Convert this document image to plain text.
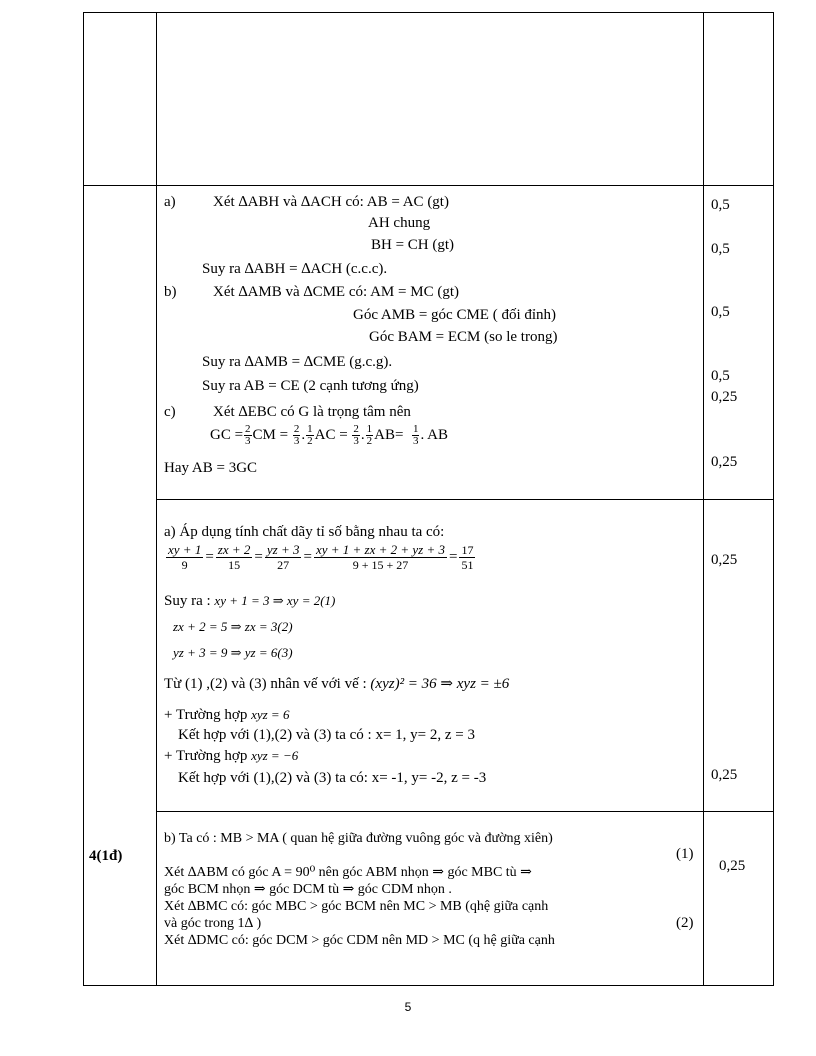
a) Xét ∆ABH và ∆ACH có: AB = AC (gt)
AH chung
BH = CH (gt)
Suy ra ∆ABH = ∆ACH (c.c.c).
b) Xét ∆AMB và ∆CME có: AM = MC (gt)
Góc AMB = góc CME ( đối đỉnh)
Góc BAM = ECM (so le trong)
Suy ra ∆AMB = ∆CME (g.c.g).
Suy ra AB = CE (2 cạnh tương ứng)
c) Xét ∆EBC có G là trọng tâm nên
GC = $\frac{2}{3}$ CM = $\frac{2}{3}$ . $\frac{1}{2}$ AC = $\frac{2}{3}$ . $\frac{1}{2} AB= \frac{1}{3}$ . AB
Hay AB = 3GC
0,5
0,5
0,5
0,5
0,25
0,25
a) Áp dụng tính chất dãy tỉ số bằng nhau ta có:
$\frac{xy + 1}{9} = \frac{zx + 2}{15} = \frac{yz + 3}{27} = \frac{xy + 1 + zx + 2 + yz + 3}{9 + 15 + 27} = \frac{17}{51}$
Suy ra : xy + 1 = 3 ⇒ xy = 2(1)
zx + 2 = 5 ⇒ zx = 3(2)
yz + 3 = 9 ⇒ yz = 6(3)
Từ (1) ,(2) và (3) nhân vế với vế : (xyz)² = 36 ⇒ xyz = ±6
+ Trường hợp xyz = 6
Kết hợp với (1),(2) và (3) ta có : x= 1, y= 2, z = 3
+ Trường hợp xyz = −6
Kết hợp với (1),(2) và (3) ta có: x= -1, y= -2, z = -3
0,25
0,25
4(1đ)
b) Ta có : MB > MA ( quan hệ giữa đường vuông góc và đường xiên)
(1)
Xét ∆ABM có góc A = 90⁰ nên góc ABM nhọn ⇒ góc MBC tù ⇒
góc BCM nhọn ⇒ góc DCM tù ⇒ góc CDM nhọn .
Xét ∆BMC có: góc MBC > góc BCM nên MC > MB (qhệ giữa cạnh
và góc trong 1∆ )	(2)
Xét ∆DMC có: góc DCM > góc CDM nên MD > MC (q hệ giữa cạnh
0,25
5
